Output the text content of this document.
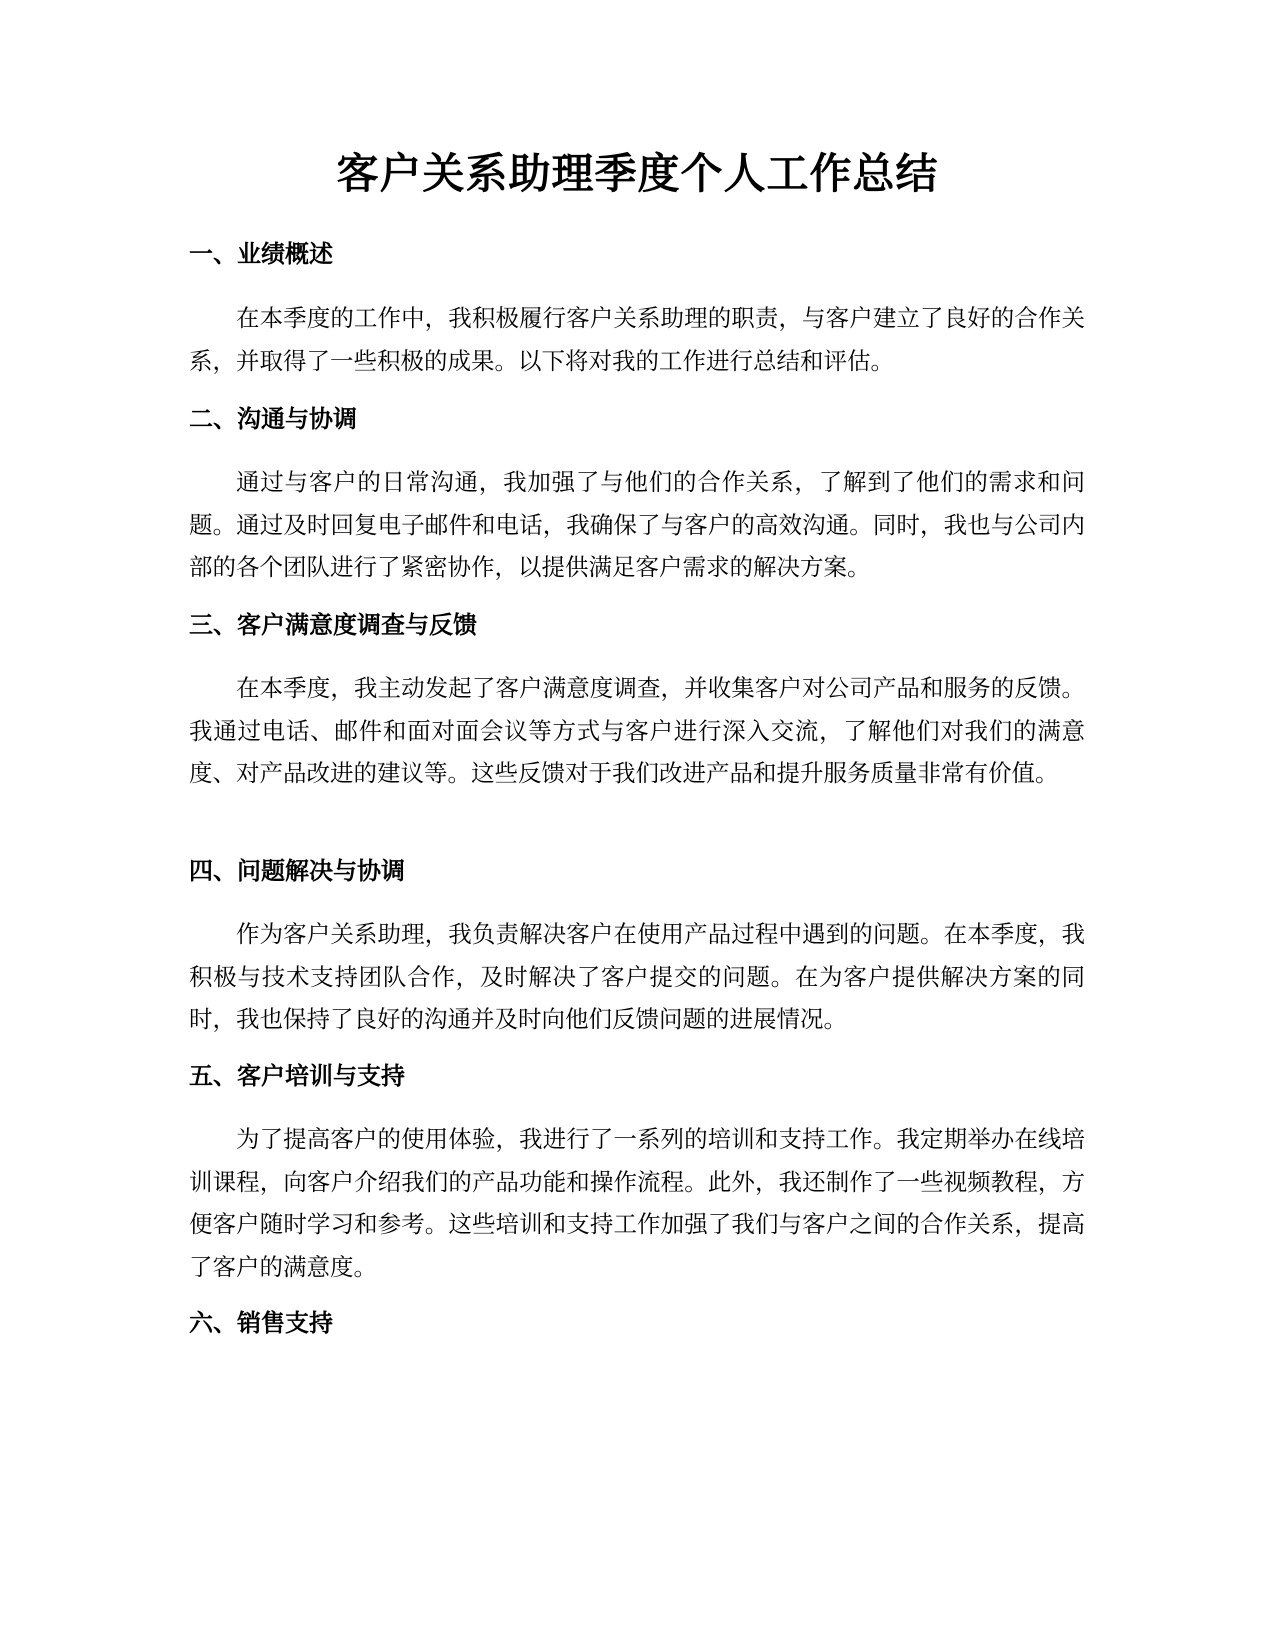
客户关系助理季度个人工作总结
一、业绩概述

在本季度的工作中，我积极履行客户关系助理的职责，与客户建立了良好的合作关系，并取得了一些积极的成果。以下将对我的工作进行总结和评估。

二、沟通与协调

通过与客户的日常沟通，我加强了与他们的合作关系，了解到了他们的需求和问题。通过及时回复电子邮件和电话，我确保了与客户的高效沟通。同时，我也与公司内部的各个团队进行了紧密协作，以提供满足客户需求的解决方案。

三、客户满意度调查与反馈

在本季度，我主动发起了客户满意度调查，并收集客户对公司产品和服务的反馈。我通过电话、邮件和面对面会议等方式与客户进行深入交流，了解他们对我们的满意度、对产品改进的建议等。这些反馈对于我们改进产品和提升服务质量非常有价值。

四、问题解决与协调

作为客户关系助理，我负责解决客户在使用产品过程中遇到的问题。在本季度，我积极与技术支持团队合作，及时解决了客户提交的问题。在为客户提供解决方案的同时，我也保持了良好的沟通并及时向他们反馈问题的进展情况。

五、客户培训与支持

为了提高客户的使用体验，我进行了一系列的培训和支持工作。我定期举办在线培训课程，向客户介绍我们的产品功能和操作流程。此外，我还制作了一些视频教程，方便客户随时学习和参考。这些培训和支持工作加强了我们与客户之间的合作关系，提高了客户的满意度。

六、销售支持
